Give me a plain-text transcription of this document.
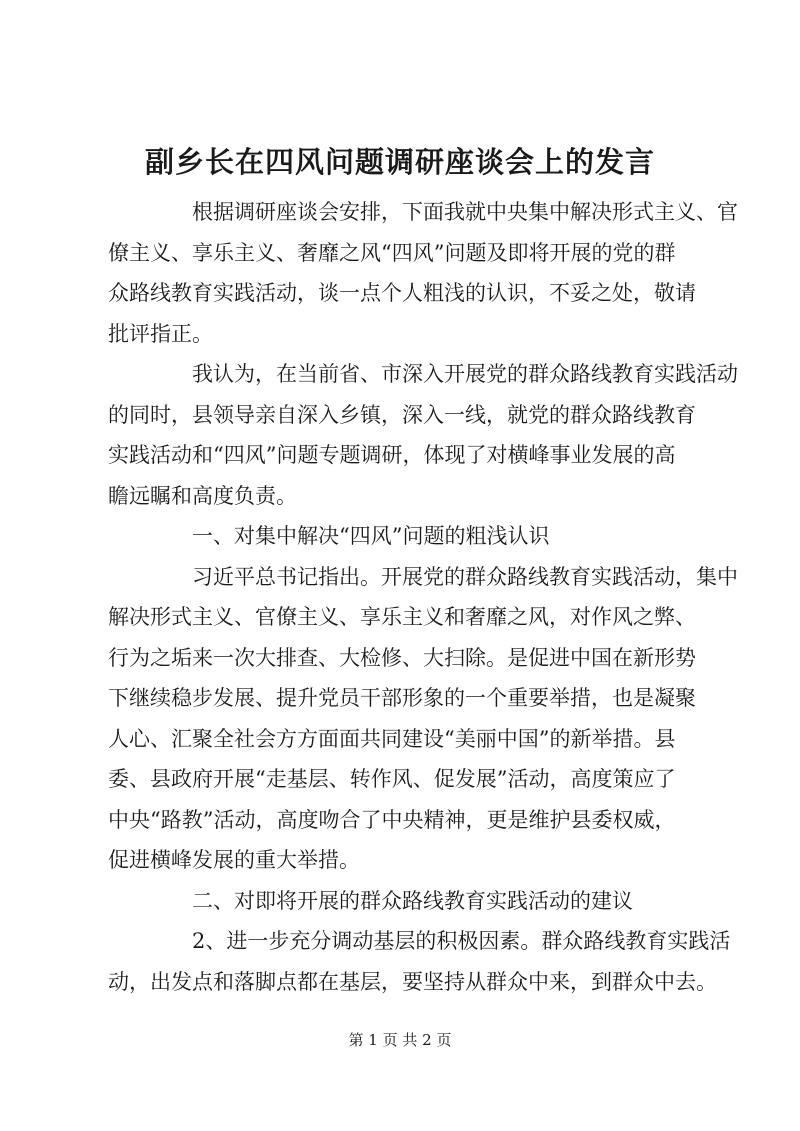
副乡长在四风问题调研座谈会上的发言
根据调研座谈会安排，下面我就中央集中解决形式主义、官
僚主义、享乐主义、奢靡之风“四风”问题及即将开展的党的群
众路线教育实践活动，谈一点个人粗浅的认识，不妥之处，敬请
批评指正。
我认为，在当前省、市深入开展党的群众路线教育实践活动
的同时，县领导亲自深入乡镇，深入一线，就党的群众路线教育
实践活动和“四风”问题专题调研，体现了对横峰事业发展的高
瞻远瞩和高度负责。
一、对集中解决“四风”问题的粗浅认识
习近平总书记指出。开展党的群众路线教育实践活动，集中
解决形式主义、官僚主义、享乐主义和奢靡之风，对作风之弊、
行为之垢来一次大排查、大检修、大扫除。是促进中国在新形势
下继续稳步发展、提升党员干部形象的一个重要举措，也是凝聚
人心、汇聚全社会方方面面共同建设“美丽中国”的新举措。县
委、县政府开展“走基层、转作风、促发展”活动，高度策应了
中央“路教”活动，高度吻合了中央精神，更是维护县委权威，
促进横峰发展的重大举措。
二、对即将开展的群众路线教育实践活动的建议
2、进一步充分调动基层的积极因素。群众路线教育实践活
动，出发点和落脚点都在基层，要坚持从群众中来，到群众中去。
第 1 页 共 2 页
